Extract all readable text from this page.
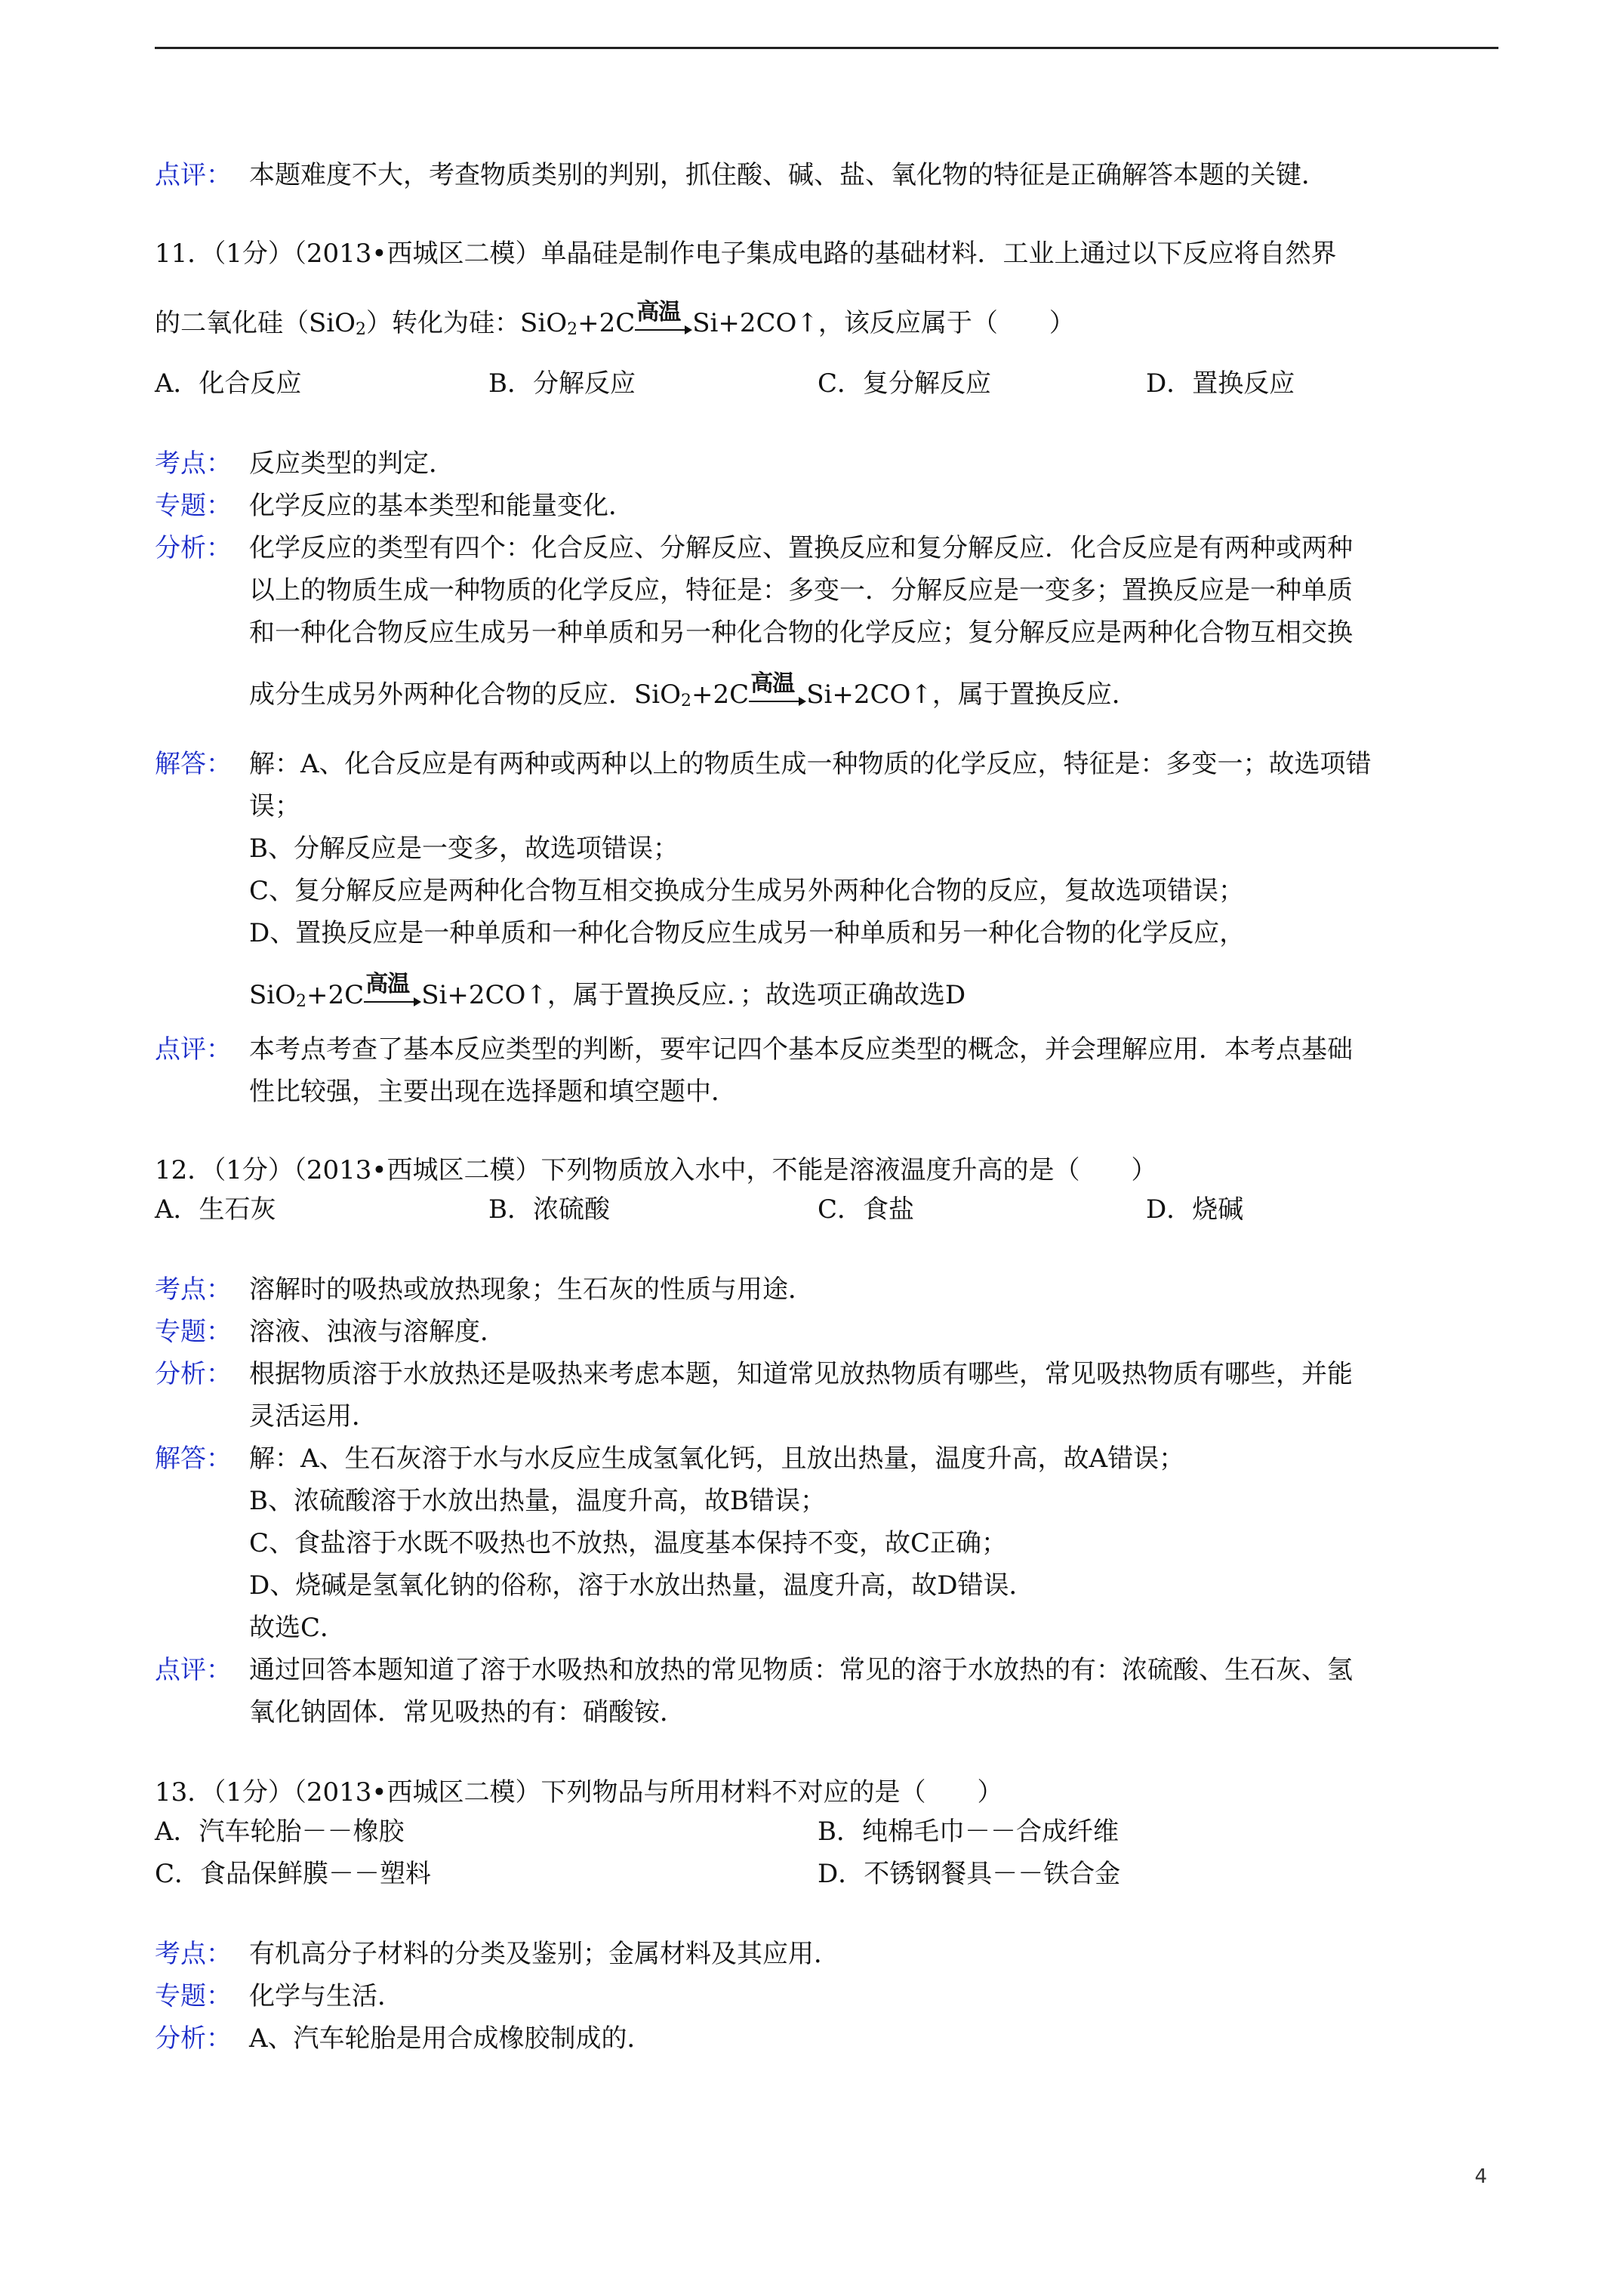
点评： 本题难度不大，考查物质类别的判别，抓住酸、碱、盐、氧化物的特征是正确解答本题的关键．
11．（1分）（2013•西城区二模）单晶硅是制作电子集成电路的基础材料．工业上通过以下反应将自然界
的二氧化硅（SiO$_2$）转化为硅：SiO$_2$+2C 高温 Si+2CO↑，该反应属于（　　）
A．化合反应	B．分解反应	C．复分解反应	D．置换反应
考点： 反应类型的判定．
专题： 化学反应的基本类型和能量变化．
分析： 化学反应的类型有四个：化合反应、分解反应、置换反应和复分解反应．化合反应是有两种或两种
以上的物质生成一种物质的化学反应，特征是：多变一．分解反应是一变多；置换反应是一种单质
和一种化合物反应生成另一种单质和另一种化合物的化学反应；复分解反应是两种化合物互相交换
成分生成另外两种化合物的反应．SiO$_2$+2C 高温 Si+2CO↑，属于置换反应．
解答： 解：A、化合反应是有两种或两种以上的物质生成一种物质的化学反应，特征是：多变一；故选项错
误；
B、分解反应是一变多，故选项错误；
C、复分解反应是两种化合物互相交换成分生成另外两种化合物的反应，复故选项错误；
D、置换反应是一种单质和一种化合物反应生成另一种单质和另一种化合物的化学反应，
SiO$_2$+2C 高温 Si+2CO↑，属于置换反应．；故选项正确故选D
点评： 本考点考查了基本反应类型的判断，要牢记四个基本反应类型的概念，并会理解应用．本考点基础
性比较强，主要出现在选择题和填空题中．
12．（1分）（2013•西城区二模）下列物质放入水中，不能是溶液温度升高的是（　　）
A．生石灰	B．浓硫酸	C．食盐	D．烧碱
考点： 溶解时的吸热或放热现象；生石灰的性质与用途．
专题： 溶液、浊液与溶解度．
分析： 根据物质溶于水放热还是吸热来考虑本题，知道常见放热物质有哪些，常见吸热物质有哪些，并能
灵活运用．
解答： 解：A、生石灰溶于水与水反应生成氢氧化钙，且放出热量，温度升高，故A错误；
B、浓硫酸溶于水放出热量，温度升高，故B错误；
C、食盐溶于水既不吸热也不放热，温度基本保持不变，故C正确；
D、烧碱是氢氧化钠的俗称，溶于水放出热量，温度升高，故D错误．
故选C．
点评： 通过回答本题知道了溶于水吸热和放热的常见物质：常见的溶于水放热的有：浓硫酸、生石灰、氢
氧化钠固体．常见吸热的有：硝酸铵．
13．（1分）（2013•西城区二模）下列物品与所用材料不对应的是（　　）
A．汽车轮胎－－橡胶	B．纯棉毛巾－－合成纤维
C．食品保鲜膜－－塑料	D．不锈钢餐具－－铁合金
考点： 有机高分子材料的分类及鉴别；金属材料及其应用．
专题： 化学与生活．
分析： A、汽车轮胎是用合成橡胶制成的．
4
